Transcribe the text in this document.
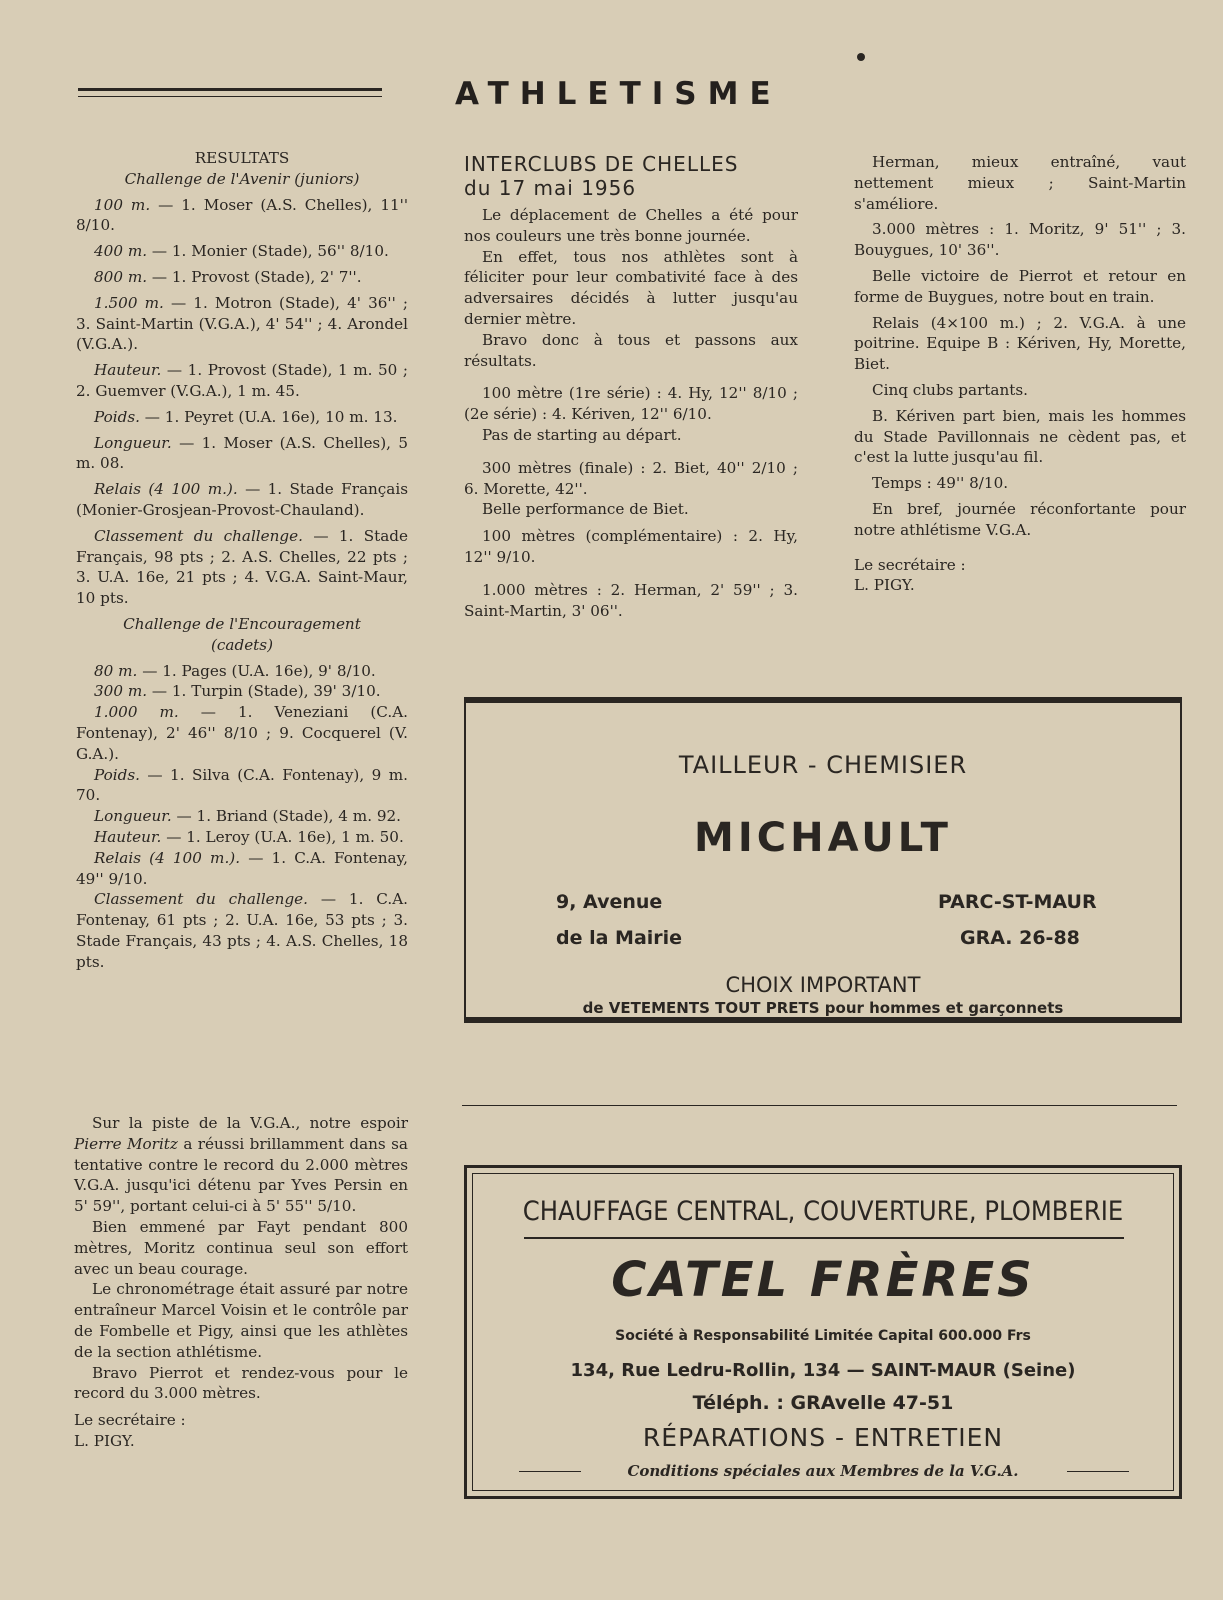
ATHLETISME

RESULTATS

Challenge de l'Avenir (juniors)

100 m. — 1. Moser (A.S. Chelles), 11'' 8/10.

400 m. — 1. Monier (Stade), 56'' 8/10.

800 m. — 1. Provost (Stade), 2' 7''.

1.500 m. — 1. Motron (Stade), 4' 36'' ; 3. Saint-Martin (V.G.A.), 4' 54'' ; 4. Arondel (V.G.A.).

Hauteur. — 1. Provost (Stade), 1 m. 50 ; 2. Guemver (V.G.A.), 1 m. 45.

Poids. — 1. Peyret (U.A. 16e), 10 m. 13.

Longueur. — 1. Moser (A.S. Chelles), 5 m. 08.

Relais (4 100 m.). — 1. Stade Français (Monier-Grosjean-Provost-Chauland).

Classement du challenge. — 1. Stade Français, 98 pts ; 2. A.S. Chelles, 22 pts ; 3. U.A. 16e, 21 pts ; 4. V.G.A. Saint-Maur, 10 pts.

Challenge de l'Encouragement (cadets)

80 m. — 1. Pages (U.A. 16e), 9' 8/10.

300 m. — 1. Turpin (Stade), 39' 3/10.

1.000 m. — 1. Veneziani (C.A. Fontenay), 2' 46'' 8/10 ; 9. Cocquerel (V. G.A.).

Poids. — 1. Silva (C.A. Fontenay), 9 m. 70.

Longueur. — 1. Briand (Stade), 4 m. 92.

Hauteur. — 1. Leroy (U.A. 16e), 1 m. 50.

Relais (4 100 m.). — 1. C.A. Fontenay, 49'' 9/10.

Classement du challenge. — 1. C.A. Fontenay, 61 pts ; 2. U.A. 16e, 53 pts ; 3. Stade Français, 43 pts ; 4. A.S. Chelles, 18 pts.

Sur la piste de la V.G.A., notre espoir Pierre Moritz a réussi brillamment dans sa tentative contre le record du 2.000 mètres V.G.A. jusqu'ici détenu par Yves Persin en 5' 59'', portant celui-ci à 5' 55'' 5/10.

Bien emmené par Fayt pendant 800 mètres, Moritz continua seul son effort avec un beau courage.

Le chronométrage était assuré par notre entraîneur Marcel Voisin et le contrôle par de Fombelle et Pigy, ainsi que les athlètes de la section athlétisme.

Bravo Pierrot et rendez-vous pour le record du 3.000 mètres.

Le secrétaire :

L. PIGY.

INTERCLUBS DE CHELLES

du 17 mai 1956

Le déplacement de Chelles a été pour nos couleurs une très bonne journée.

En effet, tous nos athlètes sont à féliciter pour leur combativité face à des adversaires décidés à lutter jusqu'au dernier mètre.

Bravo donc à tous et passons aux résultats.

100 mètre (1re série) : 4. Hy, 12'' 8/10 ; (2e série) : 4. Kériven, 12'' 6/10.

Pas de starting au départ.

300 mètres (finale) : 2. Biet, 40'' 2/10 ; 6. Morette, 42''.

Belle performance de Biet.

100 mètres (complémentaire) : 2. Hy, 12'' 9/10.

1.000 mètres : 2. Herman, 2' 59'' ; 3. Saint-Martin, 3' 06''.

Herman, mieux entraîné, vaut nettement mieux ; Saint-Martin s'améliore.

3.000 mètres : 1. Moritz, 9' 51'' ; 3. Bouygues, 10' 36''.

Belle victoire de Pierrot et retour en forme de Buygues, notre bout en train.

Relais (4×100 m.) ; 2. V.G.A. à une poitrine. Equipe B : Kériven, Hy, Morette, Biet.

Cinq clubs partants.

B. Kériven part bien, mais les hommes du Stade Pavillonnais ne cèdent pas, et c'est la lutte jusqu'au fil.

Temps : 49'' 8/10.

En bref, journée réconfortante pour notre athlétisme V.G.A.

Le secrétaire :

L. PIGY.

TAILLEUR - CHEMISIER
MICHAULT
9, Avenue
de la Mairie
PARC-ST-MAUR
GRA. 26-88
CHOIX IMPORTANT
de VETEMENTS TOUT PRETS pour hommes et garçonnets
CHAUFFAGE CENTRAL, COUVERTURE, PLOMBERIE
CATEL FRÈRES
Société à Responsabilité Limitée Capital 600.000 Frs
134, Rue Ledru-Rollin, 134 — SAINT-MAUR (Seine)
Téléph. : GRAvelle 47-51
RÉPARATIONS - ENTRETIEN
Conditions spéciales aux Membres de la V.G.A.
